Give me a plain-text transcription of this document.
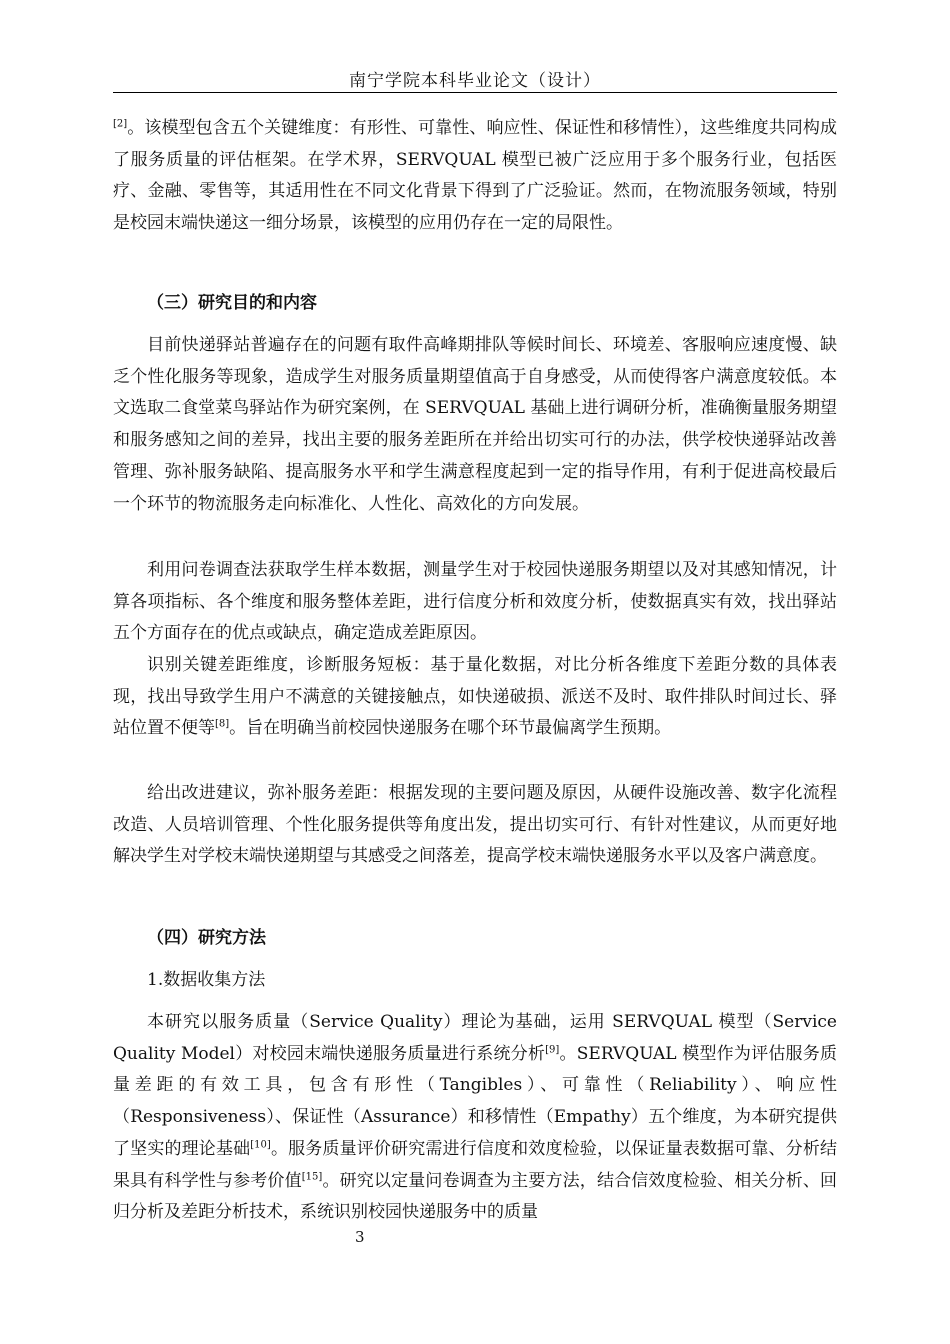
南宁学院本科毕业论文（设计）

[2]。该模型包含五个关键维度：有形性、可靠性、响应性、保证性和移情性），这些维度共同构成了服务质量的评估框架。在学术界，SERVQUAL 模型已被广泛应用于多个服务行业，包括医疗、金融、零售等，其适用性在不同文化背景下得到了广泛验证。然而，在物流服务领域，特别是校园末端快递这一细分场景，该模型的应用仍存在一定的局限性。

（三）研究目的和内容

目前快递驿站普遍存在的问题有取件高峰期排队等候时间长、环境差、客服响应速度慢、缺乏个性化服务等现象，造成学生对服务质量期望值高于自身感受，从而使得客户满意度较低。本文选取二食堂菜鸟驿站作为研究案例，在 SERVQUAL 基础上进行调研分析，准确衡量服务期望和服务感知之间的差异，找出主要的服务差距所在并给出切实可行的办法，供学校快递驿站改善管理、弥补服务缺陷、提高服务水平和学生满意程度起到一定的指导作用，有利于促进高校最后一个环节的物流服务走向标准化、人性化、高效化的方向发展。

利用问卷调查法获取学生样本数据，测量学生对于校园快递服务期望以及对其感知情况，计算各项指标、各个维度和服务整体差距，进行信度分析和效度分析，使数据真实有效，找出驿站五个方面存在的优点或缺点，确定造成差距原因。

识别关键差距维度，诊断服务短板：基于量化数据，对比分析各维度下差距分数的具体表现，找出导致学生用户不满意的关键接触点，如快递破损、派送不及时、取件排队时间过长、驿站位置不便等[8]。旨在明确当前校园快递服务在哪个环节最偏离学生预期。

给出改进建议，弥补服务差距：根据发现的主要问题及原因，从硬件设施改善、数字化流程改造、人员培训管理、个性化服务提供等角度出发，提出切实可行、有针对性建议，从而更好地解决学生对学校末端快递期望与其感受之间落差，提高学校末端快递服务水平以及客户满意度。

（四）研究方法

1.数据收集方法

本研究以服务质量（Service Quality）理论为基础，运用 SERVQUAL 模型（Service Quality Model）对校园末端快递服务质量进行系统分析[9]。SERVQUAL 模型作为评估服务质量差距的有效工具，包含有形性（Tangibles）、可靠性（Reliability）、响应性（Responsiveness）、保证性（Assurance）和移情性（Empathy）五个维度，为本研究提供了坚实的理论基础[10]。服务质量评价研究需进行信度和效度检验，以保证量表数据可靠、分析结果具有科学性与参考价值[15]。研究以定量问卷调查为主要方法，结合信效度检验、相关分析、回归分析及差距分析技术，系统识别校园快递服务中的质量

3
